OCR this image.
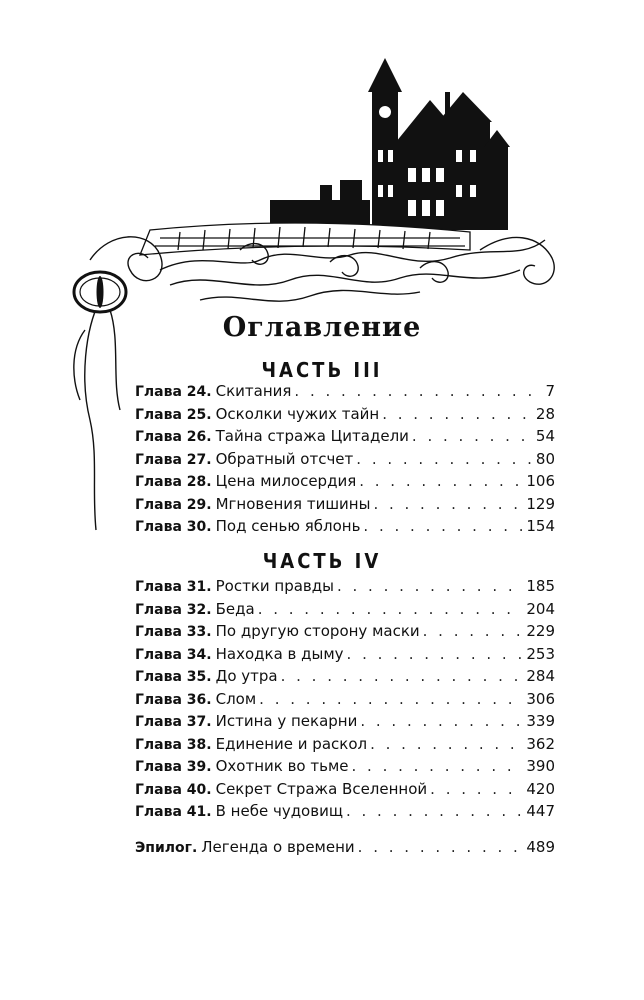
Оглавление
ЧАСТЬ III
Глава 24. Скитания . . .	7
Глава 25. Осколки чужих тайн . . .	28
Глава 26. Тайна стража Цитадели . . .	54
Глава 27. Обратный отсчет . . .	80
Глава 28. Цена милосердия . . .	106
Глава 29. Мгновения тишины . . .	129
Глава 30. Под сенью яблонь . . .	154
ЧАСТЬ IV
Глава 31. Ростки правды . . .	185
Глава 32. Беда . . .	204
Глава 33. По другую сторону маски . . .	229
Глава 34. Находка в дыму . . .	253
Глава 35. До утра . . .	284
Глава 36. Слом . . .	306
Глава 37. Истина у пекарни . . .	339
Глава 38. Единение и раскол . . .	362
Глава 39. Охотник во тьме . . .	390
Глава 40. Секрет Стража Вселенной . . .	420
Глава 41. В небе чудовищ . . .	447
Эпилог. Легенда о времени . . .	489
